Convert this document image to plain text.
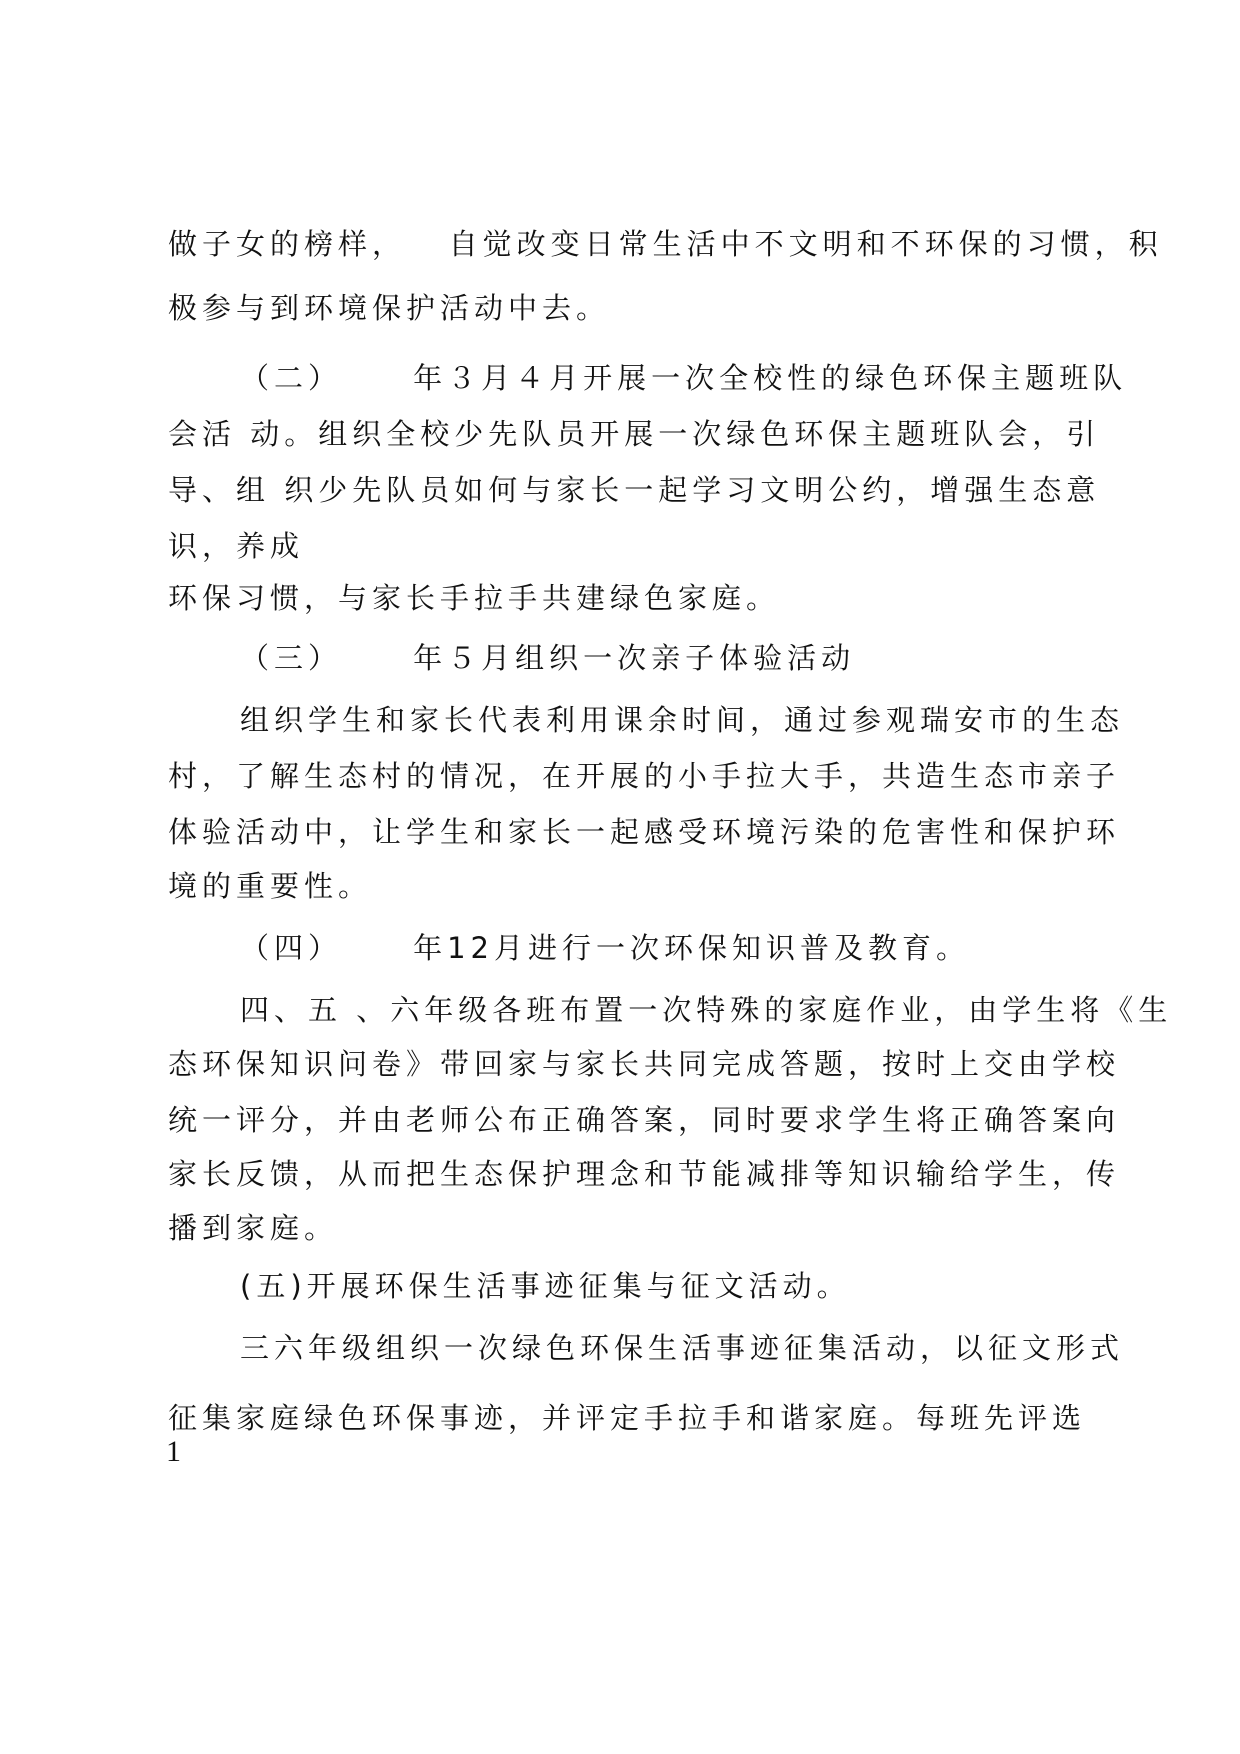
做子女的榜样，   自觉改变日常生活中不文明和不环保的习惯，积

极参与到环境保护活动中去。

（二）     年３月４月开展一次全校性的绿色环保主题班队

会活 动。组织全校少先队员开展一次绿色环保主题班队会，引

导、组 织少先队员如何与家长一起学习文明公约，增强生态意

识，养成

环保习惯，与家长手拉手共建绿色家庭。

（三）     年５月组织一次亲子体验活动

组织学生和家长代表利用课余时间，通过参观瑞安市的生态

村，了解生态村的情况，在开展的小手拉大手，共造生态市亲子

体验活动中，让学生和家长一起感受环境污染的危害性和保护环

境的重要性。

（四）     年12月进行一次环保知识普及教育。

四、五 、六年级各班布置一次特殊的家庭作业，由学生将《生

态环保知识问卷》带回家与家长共同完成答题，按时上交由学校

统一评分，并由老师公布正确答案，同时要求学生将正确答案向

家长反馈，从而把生态保护理念和节能减排等知识输给学生，传

播到家庭。

(五)开展环保生活事迹征集与征文活动。

三六年级组织一次绿色环保生活事迹征集活动，以征文形式

征集家庭绿色环保事迹，并评定手拉手和谐家庭。每班先评选

1
